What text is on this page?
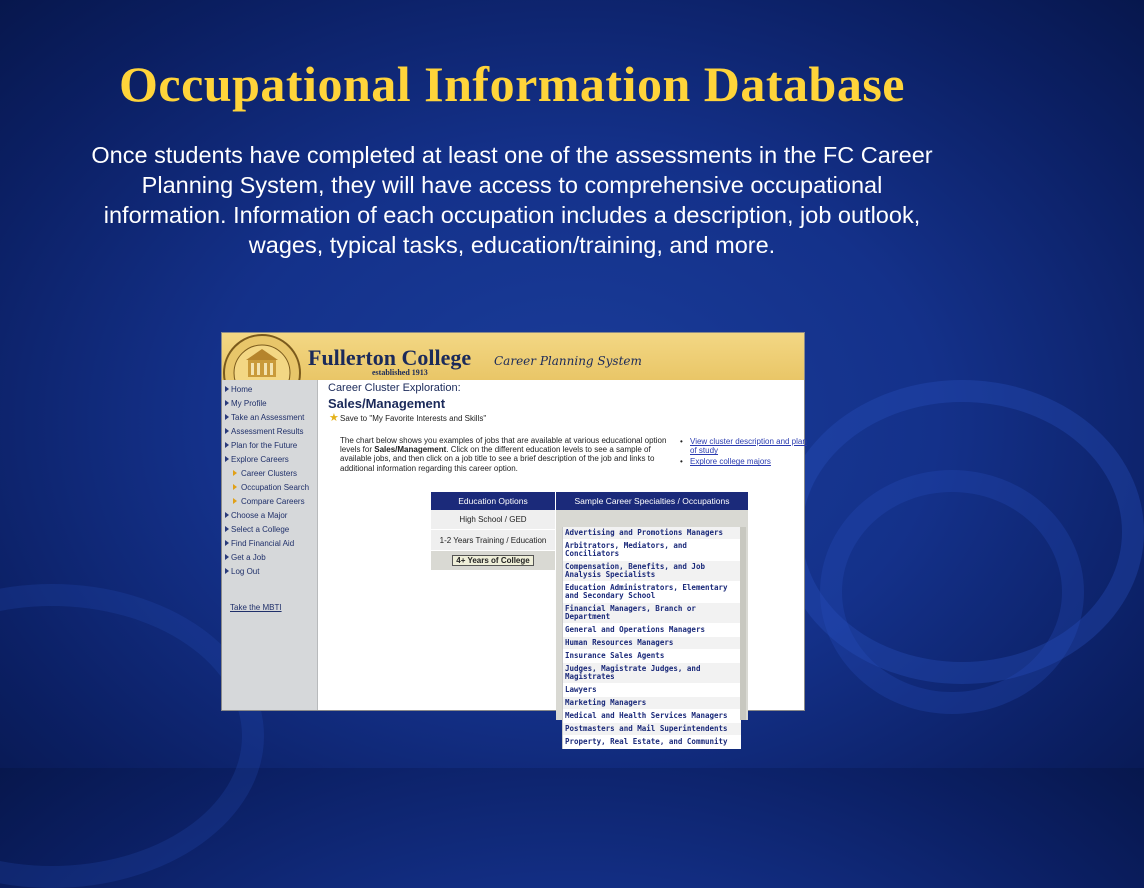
Occupational Information Database
Once students have completed at least one of the assessments in the FC Career Planning System, they will have access to comprehensive occupational information. Information of each occupation includes a description, job outlook, wages, typical tasks, education/training, and more.
Fullerton College
established 1913
Career Planning System
Home
My Profile
Take an Assessment
Assessment Results
Plan for the Future
Explore Careers
Career Clusters
Occupation Search
Compare Careers
Choose a Major
Select a College
Find Financial Aid
Get a Job
Log Out
Take the MBTI
Career Cluster Exploration:
Sales/Management
★ Save to "My Favorite Interests and Skills"
The chart below shows you examples of jobs that are available at various educational option levels for Sales/Management. Click on the different education levels to see a sample of available jobs, and then click on a job title to see a brief description of the job and links to additional information regarding this career option.
• View cluster description and plan of study
• Explore college majors
Education Options	Sample Career Specialties / Occupations
High School / GED
1-2 Years Training / Education
4+ Years of College
Advertising and Promotions Managers
Arbitrators, Mediators, and Conciliators
Compensation, Benefits, and Job Analysis Specialists
Education Administrators, Elementary and Secondary School
Financial Managers, Branch or Department
General and Operations Managers
Human Resources Managers
Insurance Sales Agents
Judges, Magistrate Judges, and Magistrates
Lawyers
Marketing Managers
Medical and Health Services Managers
Postmasters and Mail Superintendents
Property, Real Estate, and Community
